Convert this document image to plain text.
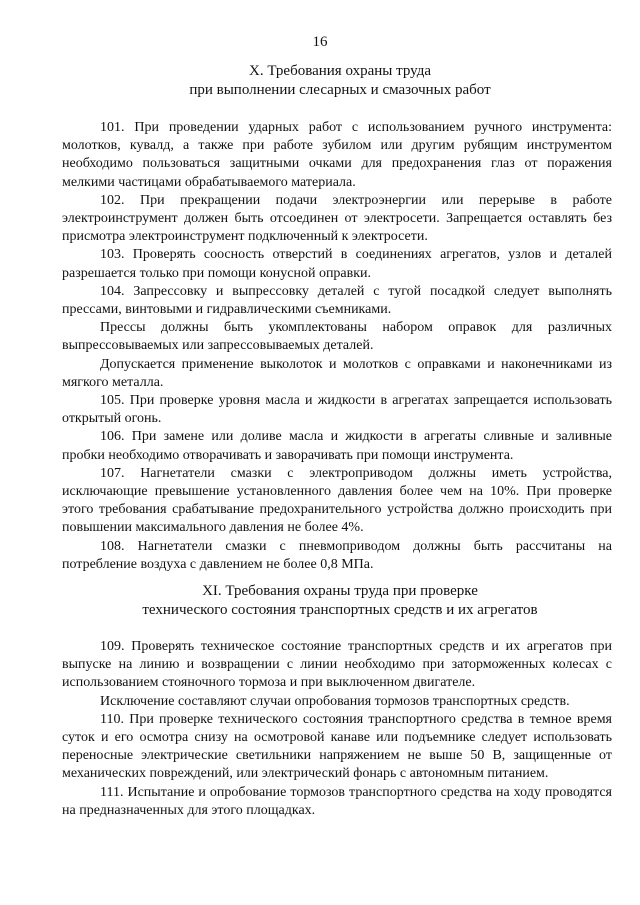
16
X. Требования охраны труда
при выполнении слесарных и смазочных работ

101. При проведении ударных работ с использованием ручного инструмента: молотков, кувалд, а также при работе зубилом или другим рубящим инструментом необходимо пользоваться защитными очками для предохранения глаз от поражения мелкими частицами обрабатываемого материала.

102. При прекращении подачи электроэнергии или перерыве в работе электроинструмент должен быть отсоединен от электросети. Запрещается оставлять без присмотра электроинструмент подключенный к электросети.

103. Проверять соосность отверстий в соединениях агрегатов, узлов и деталей разрешается только при помощи конусной оправки.

104. Запрессовку и выпрессовку деталей с тугой посадкой следует выполнять прессами, винтовыми и гидравлическими съемниками.

Прессы должны быть укомплектованы набором оправок для различных выпрессовываемых или запрессовываемых деталей.

Допускается применение выколоток и молотков с оправками и наконечниками из мягкого металла.

105. При проверке уровня масла и жидкости в агрегатах запрещается использовать открытый огонь.

106. При замене или доливе масла и жидкости в агрегаты сливные и заливные пробки необходимо отворачивать и заворачивать при помощи инструмента.

107. Нагнетатели смазки с электроприводом должны иметь устройства, исключающие превышение установленного давления более чем на 10%. При проверке этого требования срабатывание предохранительного устройства должно происходить при повышении максимального давления не более 4%.

108. Нагнетатели смазки с пневмоприводом должны быть рассчитаны на потребление воздуха с давлением не более 0,8 МПа.

XI. Требования охраны труда при проверке
технического состояния транспортных средств и их агрегатов

109. Проверять техническое состояние транспортных средств и их агрегатов при выпуске на линию и возвращении с линии необходимо при заторможенных колесах с использованием стояночного тормоза и при выключенном двигателе.

Исключение составляют случаи опробования тормозов транспортных средств.

110. При проверке технического состояния транспортного средства в темное время суток и его осмотра снизу на осмотровой канаве или подъемнике следует использовать переносные электрические светильники напряжением не выше 50 В, защищенные от механических повреждений, или электрический фонарь с автономным питанием.

111. Испытание и опробование тормозов транспортного средства на ходу проводятся на предназначенных для этого площадках.
